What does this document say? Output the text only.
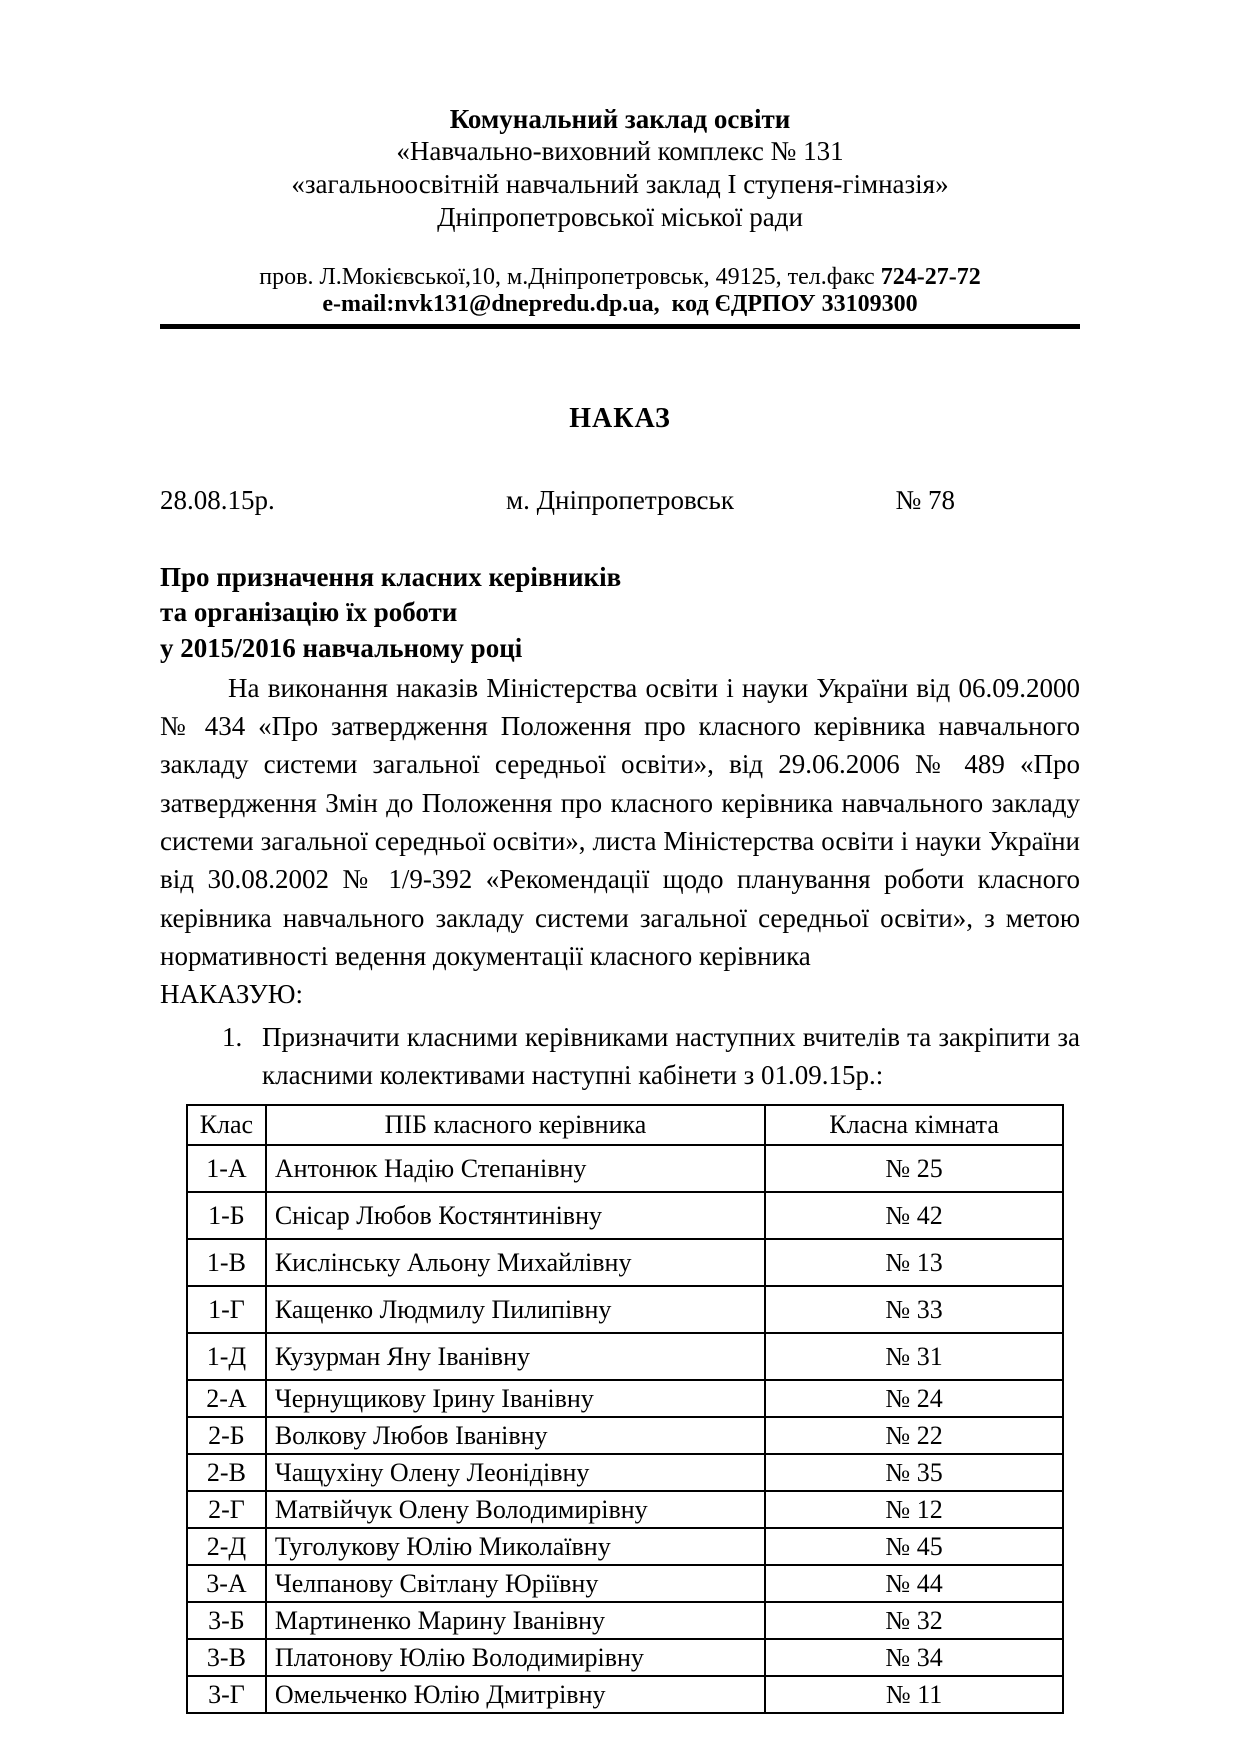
Комунальний заклад освіти
«Навчально-виховний комплекс № 131
«загальноосвітній навчальний заклад І ступеня-гімназія»
Дніпропетровської міської ради
пров. Л.Мокієвської,10, м.Дніпропетровськ, 49125, тел.факс 724-27-72
e-mail:nvk131@dnepredu.dp.ua,  код ЄДРПОУ 33109300
НАКАЗ
28.08.15р.	м. Дніпропетровськ	№ 78
Про призначення класних керівників
та організацію їх роботи
у 2015/2016 навчальному році

На виконання наказів Міністерства освіти і науки України від 06.09.2000 № 434 «Про затвердження Положення про класного керівника навчального закладу системи загальної середньої освіти», від 29.06.2006 № 489 «Про затвердження Змін до Положення про класного керівника навчального закладу системи загальної середньої освіти», листа Міністерства освіти і науки України від 30.08.2002 № 1/9-392 «Рекомендації щодо планування роботи класного керівника навчального закладу системи загальної середньої освіти», з метою нормативності ведення документації класного керівника

НАКАЗУЮ:
1. Призначити класними керівниками наступних вчителів та закріпити за класними колективами наступні кабінети з 01.09.15р.:
Клас	ПІБ класного керівника	Класна кімната
1-А	Антонюк Надію Степанівну	№ 25
1-Б	Снісар Любов Костянтинівну	№ 42
1-В	Кислінську Альону Михайлівну	№ 13
1-Г	Кащенко Людмилу Пилипівну	№ 33
1-Д	Кузурман Яну Іванівну	№ 31
2-А	Чернущикову Ірину Іванівну	№ 24
2-Б	Волкову Любов Іванівну	№ 22
2-В	Чащухіну Олену Леонідівну	№ 35
2-Г	Матвійчук Олену Володимирівну	№ 12
2-Д	Туголукову Юлію Миколаївну	№ 45
3-А	Челпанову Світлану Юріївну	№ 44
3-Б	Мартиненко Марину Іванівну	№ 32
3-В	Платонову Юлію Володимирівну	№ 34
3-Г	Омельченко Юлію Дмитрівну	№ 11
